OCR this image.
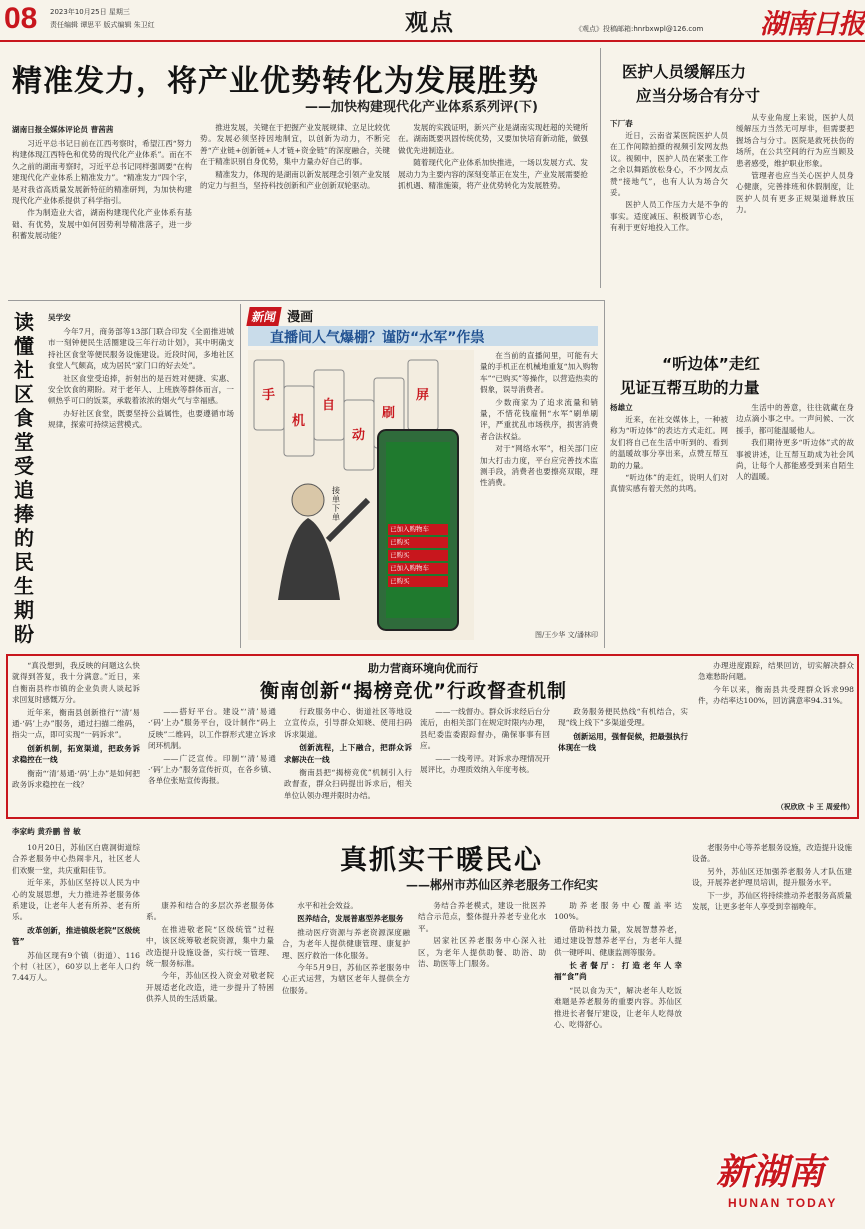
08 2023年10月25日 星期三
责任编辑 谭思平 版式编辑 朱卫红	观点	《观点》投稿邮箱:hnrbxwpl@126.com 湖南日报
精准发力，将产业优势转化为发展胜势
——加快构建现代化产业体系系列评(下)
湖南日报全媒体评论员 曹茜茜

习近平总书记日前在江西考察时，希望江西“努力构建体现江西特色和优势的现代化产业体系”。而在不久之前的湖南考察时，习近平总书记同样强调要“在构建现代化产业体系上精准发力”。“精准发力”四个字，是对我省高质量发展新特征的精准研判，为加快构建现代化产业体系提供了科学指引。

作为制造业大省，湖南构建现代化产业体系有基础、有优势，发展中如何因势利导精准落子，进一步积蓄发展动能？

推进发展，关键在于把握产业发展规律、立足比较优势。发展必须坚持因地制宜，以创新为动力，不断完善“产业链+创新链+人才链+资金链”的深度融合，关键在于精准识别自身优势，集中力量办好自己的事。

精准发力，体现的是湖南以新发展理念引领产业发展的定力与担当，坚持科技创新和产业创新双轮驱动。

发展的实践证明，新兴产业是湖南实现赶超的关键所在。湖南既要巩固传统优势，又要加快培育新动能，做强做优先进制造业。

随着现代化产业体系加快推进，一场以发展方式、发展动力为主要内容的深刻变革正在发生，产业发展需要抢抓机遇、精准施策，将产业优势转化为发展胜势。

医护人员缓解压力
应当分场合有分寸
下厂春

近日，云南省某医院医护人员在工作间隙拍摄的视频引发网友热议。视频中，医护人员在紧张工作之余以舞蹈放松身心，不少网友点赞“接地气”，也有人认为场合欠妥。

医护人员工作压力大是不争的事实。适度减压、积极调节心态，有利于更好地投入工作。

从专业角度上来说，医护人员缓解压力当然无可厚非，但需要把握场合与分寸。医院是救死扶伤的场所，在公共空间的行为应当顾及患者感受，维护职业形象。

管理者也应当关心医护人员身心健康，完善排班和休假制度，让医护人员有更多正规渠道释放压力。

读懂社区食堂受追捧的民生期盼
吴学安

今年7月，商务部等13部门联合印发《全面推进城市一刻钟便民生活圈建设三年行动计划》，其中明确支持社区食堂等便民服务设施建设。近段时间，多地社区食堂人气颇高，成为居民“家门口的好去处”。

社区食堂受追捧，折射出的是百姓对便捷、实惠、安全饮食的期盼。对于老年人、上班族等群体而言，一顿热乎可口的饭菜，承载着浓浓的烟火气与幸福感。

办好社区食堂，既要坚持公益属性，也要遵循市场规律，探索可持续运营模式。

新闻 漫画
直播间人气爆棚？谨防“水军”作祟
手
机
自
动
刷
屏
接单下单
已加入购物车
已购买
已购买
已加入购物车
已购买

在当前的直播间里，可能有大量的手机正在机械地重复“加入购物车”“已购买”等操作，以营造热卖的假象，误导消费者。

少数商家为了追求流量和销量，不惜花钱雇佣“水军”刷单刷评，严重扰乱市场秩序，损害消费者合法权益。

对于“网络水军”，相关部门应加大打击力度，平台应完善技术监测手段，消费者也要擦亮双眼，理性消费。

图/王少华 文/潘林印
“听边体”走红
见证互帮互助的力量
杨雄立

近来，在社交媒体上，一种被称为“听边体”的表达方式走红。网友们将自己在生活中听到的、看到的温暖故事分享出来，点赞互帮互助的力量。

“听边体”的走红，说明人们对真情实感有着天然的共鸣。

生活中的善意，往往就藏在身边点滴小事之中。一声问候、一次援手，都可能温暖他人。

我们期待更多“听边体”式的故事被讲述，让互帮互助成为社会风尚，让每个人都能感受到来自陌生人的温暖。

助力营商环境向优而行
衡南创新“揭榜竞优”行政督查机制

“真没想到，我反映的问题这么快就得到答复，我十分满意。”近日，来自衡南县柞市镇的企业负责人谈起诉求回复时感慨万分。

近年来，衡南县创新推行“‘清’易通·‘码’上办”服务，通过扫描二维码，指尖一点，即可实现“一码诉求”。

创新机制，拓宽渠道，把政务诉求稳控在一线

衡南“‘清’易通·‘码’上办”是如何把政务诉求稳控在一线？

——搭好平台。建设“‘清’易通·‘码’上办”服务平台，设计制作“码上反映”二维码，以工作群形式建立诉求闭环机制。

——广泛宣传。印制“‘清’易通·‘码’上办”服务宣传折页，在各乡镇、各单位张贴宣传海报。

行政服务中心、街道社区等地设立宣传点，引导群众知晓、使用扫码诉求渠道。

创新流程，上下融合，把群众诉求解决在一线

衡南县把“揭榜竞优”机制引入行政督查，群众扫码提出诉求后，相关单位认领办理并限时办结。

——一线督办。群众诉求经后台分流后，由相关部门在规定时限内办理，县纪委监委跟踪督办，确保事事有回应。

——一线考评。对诉求办理情况开展评比，办理质效纳入年度考核。

政务服务便民热线“有机结合，实现“线上线下”多渠道受理。

创新运用，强督促候，把最强执行体现在一线

办理进度跟踪，结果回访，切实解决群众急难愁盼问题。

今年以来，衡南县共受理群众诉求998件，办结率达100%，回访满意率94.31%。

（祝欣欣 卡 王 周爱伟）
李家屿 黄乔鹏 曾 敏
真抓实干暖民心
——郴州市苏仙区养老服务工作纪实

10月20日，苏仙区白鹿洞街道综合养老服务中心热闹非凡，社区老人们欢聚一堂，共庆重阳佳节。

近年来，苏仙区坚持以人民为中心的发展思想，大力推进养老服务体系建设，让老年人老有所养、老有所乐。

改革创新，推进镇级老院“区级统管”

苏仙区现有9个镇（街道）、116个村（社区），60岁以上老年人口约7.44万人。

康养和结合的多层次养老服务体系。

在推进敬老院“区级统管”过程中，该区统筹敬老院资源，集中力量改造提升设施设备，实行统一管理、统一服务标准。

今年，苏仙区投入资金对敬老院开展适老化改造，进一步提升了特困供养人员的生活质量。

水平和社会效益。

医养结合，发展普惠型养老服务

推动医疗资源与养老资源深度融合，为老年人提供健康管理、康复护理、医疗救治一体化服务。

今年5月9日，苏仙区养老服务中心正式运营，为辖区老年人提供全方位服务。

务结合养老模式，建设一批医养结合示范点，整体提升养老专业化水平。

居家社区养老服务中心深入社区，为老年人提供助餐、助浴、助洁、助医等上门服务。

助养老服务中心覆盖率达100%。

借助科技力量，发展智慧养老，通过建设智慧养老平台，为老年人提供一键呼叫、健康监测等服务。

长者餐厅：打造老年人幸福“食”尚

“民以食为天”，解决老年人吃饭难题是养老服务的重要内容。苏仙区推进长者餐厅建设，让老年人吃得放心、吃得舒心。

老服务中心等养老服务设施，改造提升设施设备。

另外，苏仙区还加强养老服务人才队伍建设，开展养老护理员培训，提升服务水平。

下一步，苏仙区将持续推动养老服务高质量发展，让更多老年人享受到幸福晚年。

新湖南
HUNAN TODAY
